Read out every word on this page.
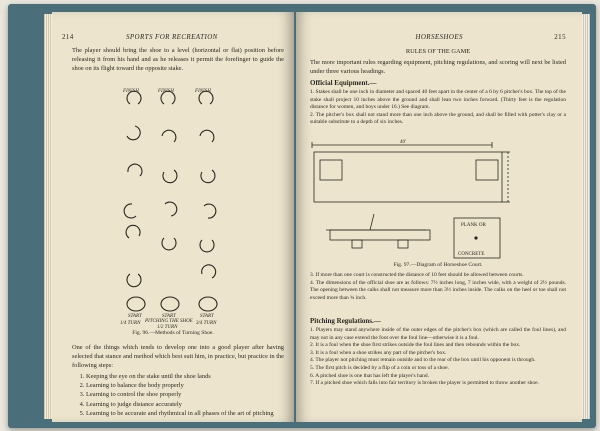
214	SPORTS FOR RECREATION
The player should bring the shoe to a level (horizontal or flat) position before releasing it from his hand and as he releases it permit the forefinger to guide the shoe on its flight toward the opposite stake.
FINISH	FINISH	FINISH
START	START	START
1/4 TURN PITCHING THE SHOE
1/2 TURN
3/4 TURN
Fig. 96.—Methods of Turning Shoe.
One of the things which tends to develop one into a good player after having selected that stance and method which best suit him, in practice, but practice in the following steps:
1. Keeping the eye on the stake until the shoe lands
2. Learning to balance the body properly
3. Learning to control the shoe properly
4. Learning to judge distance accurately
5. Learning to be accurate and rhythmical in all phases of the art of pitching
HORSESHOES	215
RULES OF THE GAME
The more important rules regarding equipment, pitching regulations, and scoring will next be listed under three various headings.
Official Equipment.—

1. Stakes shall be one inch in diameter and spaced 40 feet apart in the center of a 6 by 6 pitcher's box. The top of the stake shall project 10 inches above the ground and shall lean two inches forward. (Thirty feet is the regulation distance for women, and boys under 16.) See diagram.

2. The pitcher's box shall not stand more than one inch above the ground, and shall be filled with potter's clay or a suitable substitute to a depth of six inches.

40'
PLANK OR
CONCRETE
Fig. 97.—Diagram of Horseshoe Court.

3. If more than one court is constructed the distance of 10 feet should be allowed between courts.

4. The dimensions of the official shoe are as follows: 7½ inches long, 7 inches wide, with a weight of 2½ pounds. The opening between the calks shall not measure more than 3½ inches inside. The calks on the heel or toe shall not exceed more than ¾ inch.

Pitching Regulations.—

1. Players may stand anywhere inside of the outer edges of the pitcher's box (which are called the foul lines), and may not in any case extend the foot over the foul line—otherwise it is a foul.

2. It is a foul when the shoe first strikes outside the foul lines and then rebounds within the box.

3. It is a foul when a shoe strikes any part of the pitcher's box.

4. The player not pitching must remain outside and to the rear of the box until his opponent is through.

5. The first pitch is decided by a flip of a coin or toss of a shoe.

6. A pitched shoe is one that has left the player's hand.

7. If a pitched shoe which falls into fair territory is broken the player is permitted to throw another shoe.
